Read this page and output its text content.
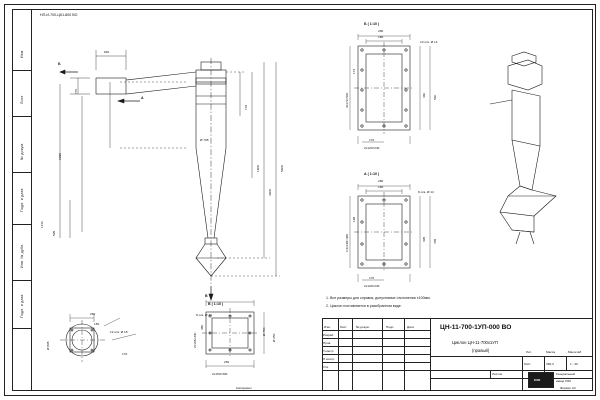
Изм.
Лист
№ докум.
Подп. и дата
Инв. № дубл.
Подп. и дата
НП-И-700-ЦК1-800 ВО
840
770
2995
1210
595
Ø 708
742
1608
4608
5608
Б
А
В
Б ( 1:10 )
280
180
10 отв. Ø 14
172
3х172=520	460 560
170
2х120=240
А ( 1:10 )
280
180
8 отв. Ø 14
198
2,2х198=395	395 435
170
2х120=240
В ( 1:10 )
260
150
12 отв. Ø 18
350
2х165=330
260
170
Ø 754
Ø 250
Ø 895
8 отв. Ø 14
2х150=300
1. Все размеры для справок, допустимые отклонения ±100мм.
2. Циклон поставляется в разобранном виде.
ЦН-11-700-1УП-000 ВО
Циклон ЦН-11-700х1УП
(правый)
Изм.	Лист	№ докум.	Подп.	Дата
Разраб.
Пров.
Т.контр.
Н.контр.
Утв.
Лит.	Масса	Масштаб
366,3	1 : 40
Лист
Листов	Генеральный
завод КЗО
КЗО
Копировал	Формат А3
